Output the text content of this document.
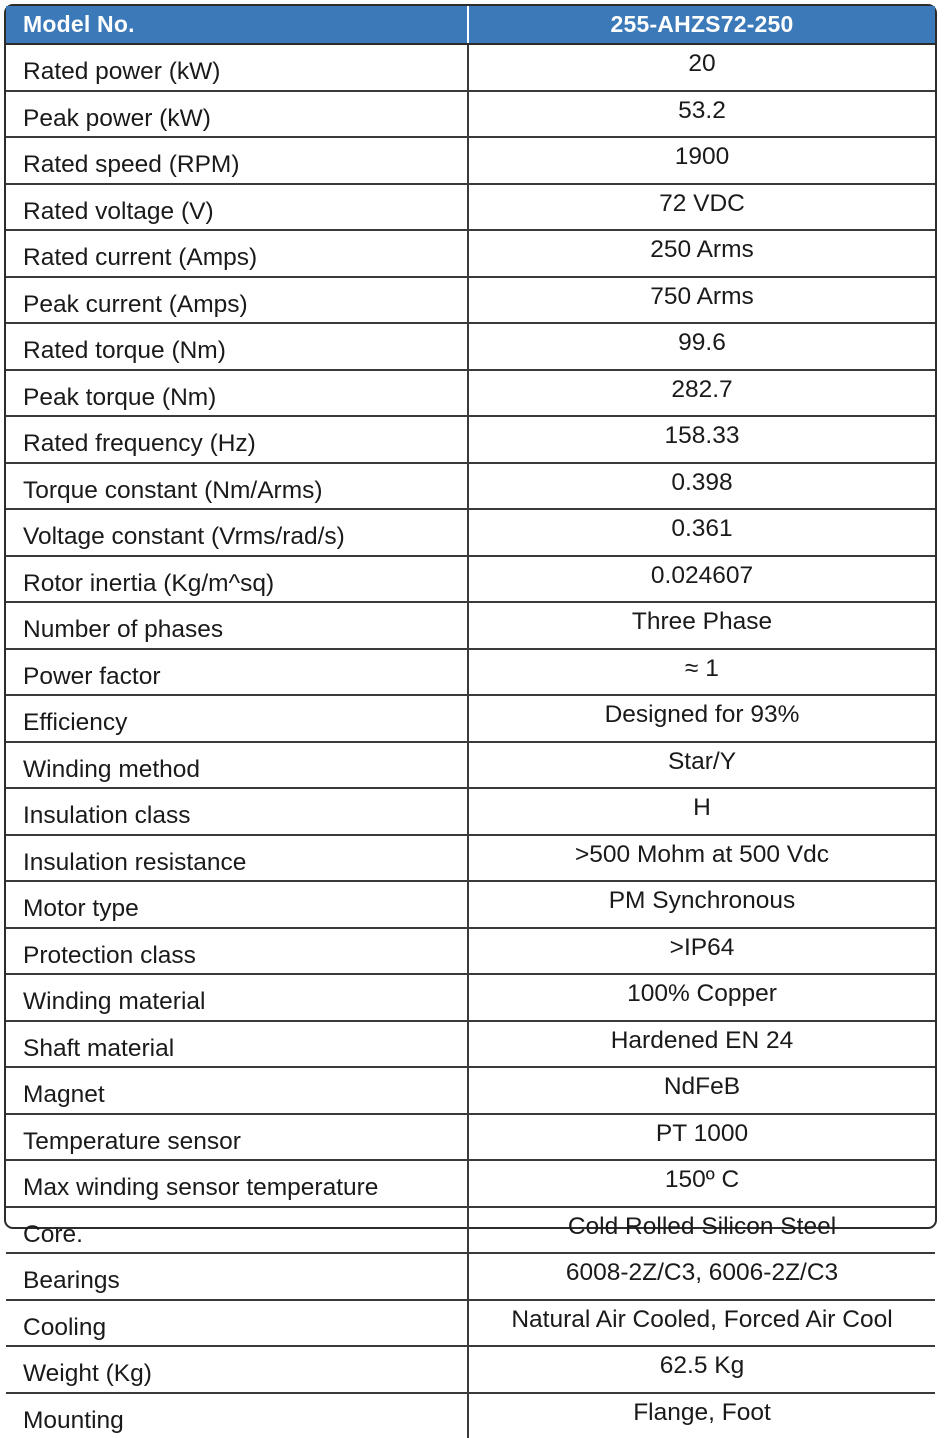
Model No.	255-AHZS72-250
Rated power (kW)	20
Peak power (kW)	53.2
Rated speed (RPM)	1900
Rated voltage (V)	72 VDC
Rated current (Amps)	250 Arms
Peak current (Amps)	750 Arms
Rated torque (Nm)	99.6
Peak torque (Nm)	282.7
Rated frequency (Hz)	158.33
Torque constant (Nm/Arms)	0.398
Voltage constant (Vrms/rad/s)	0.361
Rotor inertia (Kg/m^sq)	0.024607
Number of phases	Three Phase
Power factor	≈ 1
Efficiency	Designed for 93%
Winding method	Star/Y
Insulation class	H
Insulation resistance	>500 Mohm at 500 Vdc
Motor type	PM Synchronous
Protection class	>IP64
Winding material	100% Copper
Shaft material	Hardened EN 24
Magnet	NdFeB
Temperature sensor	PT 1000
Max winding sensor temperature	150º C
Core.	Cold Rolled Silicon Steel
Bearings	6008-2Z/C3, 6006-2Z/C3
Cooling	Natural Air Cooled, Forced Air Cool
Weight (Kg)	62.5 Kg
Mounting	Flange, Foot
